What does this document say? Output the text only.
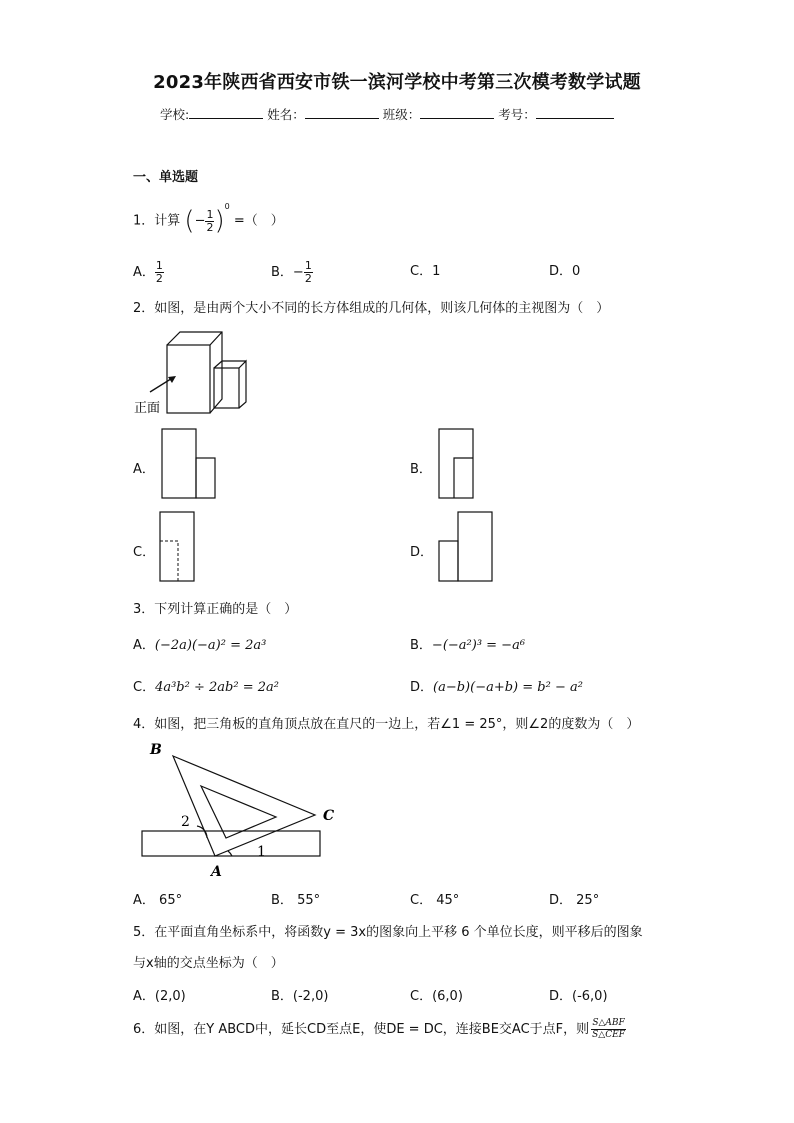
2023年陕西省西安市铁一滨河学校中考第三次模考数学试题
学校:	姓名：	班级：	考号：
一、单选题
1．计算 (− $\frac{1}{2} )^0$ =（　）
A． $\frac{1}{2}$	B．− $\frac{1}{2}$	C．1	D．0
2．如图，是由两个大小不同的长方体组成的几何体，则该几何体的主视图为（　）
正面
A．	B．
C．	D．
3．下列计算正确的是（　）
A．(−2a)(−a)² = 2a³	B．−(−a²)³ = −a⁶
C．4a³b² ÷ 2ab² = 2a²	D．(a−b)(−a+b) = b² − a²
4．如图，把三角板的直角顶点放在直尺的一边上，若∠1 = 25°，则∠2的度数为（　）
B
C
A
1
2
A． 65°	B． 55°	C． 45°	D． 25°
5．在平面直角坐标系中，将函数y = 3x的图象向上平移 6 个单位长度，则平移后的图象
与x轴的交点坐标为（　）
A．(2,0)	B．(-2,0)	C．(6,0)	D．(-6,0)
6．如图，在Y ABCD中，延长CD至点E，使DE = DC，连接BE交AC于点F，则 $\frac{\text{S△ABF}}{\text{S△CEF}}$
